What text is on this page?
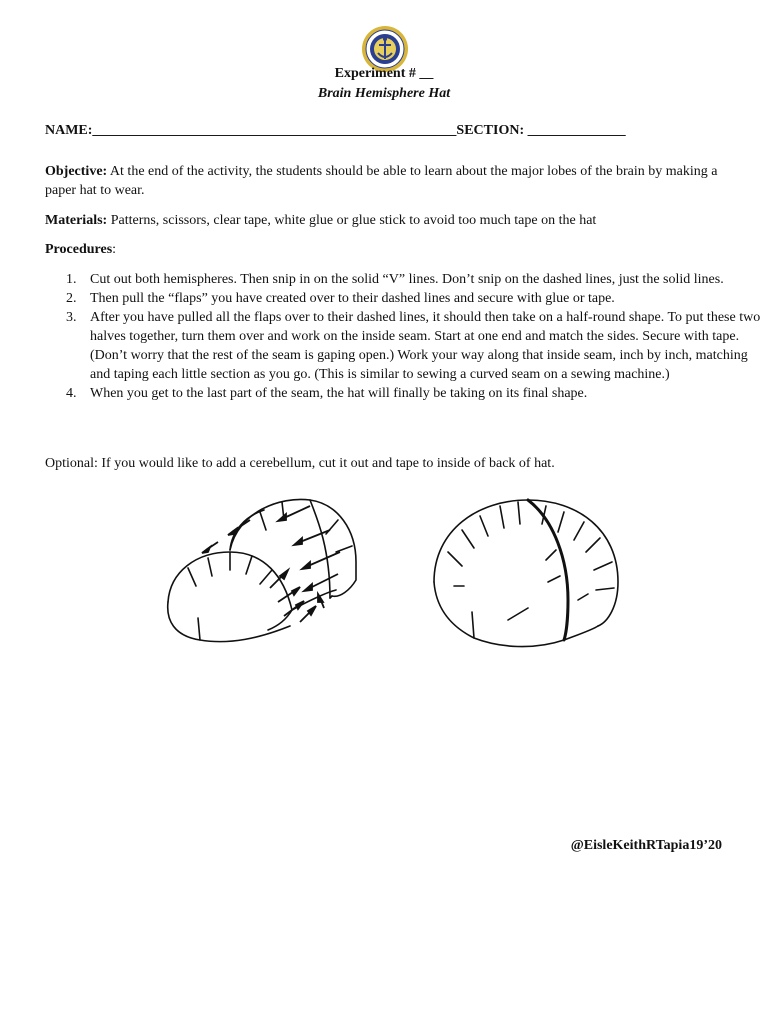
Experiment # __
Brain Hemisphere Hat
NAME:____________________________________________________SECTION: ______________
Objective: At the end of the activity, the students should be able to learn about the major lobes of the brain by making a paper hat to wear.
Materials: Patterns, scissors, clear tape, white glue or glue stick to avoid too much tape on the hat
Procedures:
1. Cut out both hemispheres. Then snip in on the solid “V” lines. Don’t snip on the dashed lines, just the solid lines.
2. Then pull the “flaps” you have created over to their dashed lines and secure with glue or tape.
3. After you have pulled all the flaps over to their dashed lines, it should then take on a half-round shape. To put these two halves together, turn them over and work on the inside seam. Start at one end and match the sides. Secure with tape. (Don’t worry that the rest of the seam is gaping open.) Work your way along that inside seam, inch by inch, matching and taping each little section as you go. (This is similar to sewing a curved seam on a sewing machine.)
4. When you get to the last part of the seam, the hat will finally be taking on its final shape.
Optional: If you would like to add a cerebellum, cut it out and tape to inside of back of hat.
@EisleKeithRTapia19’20
